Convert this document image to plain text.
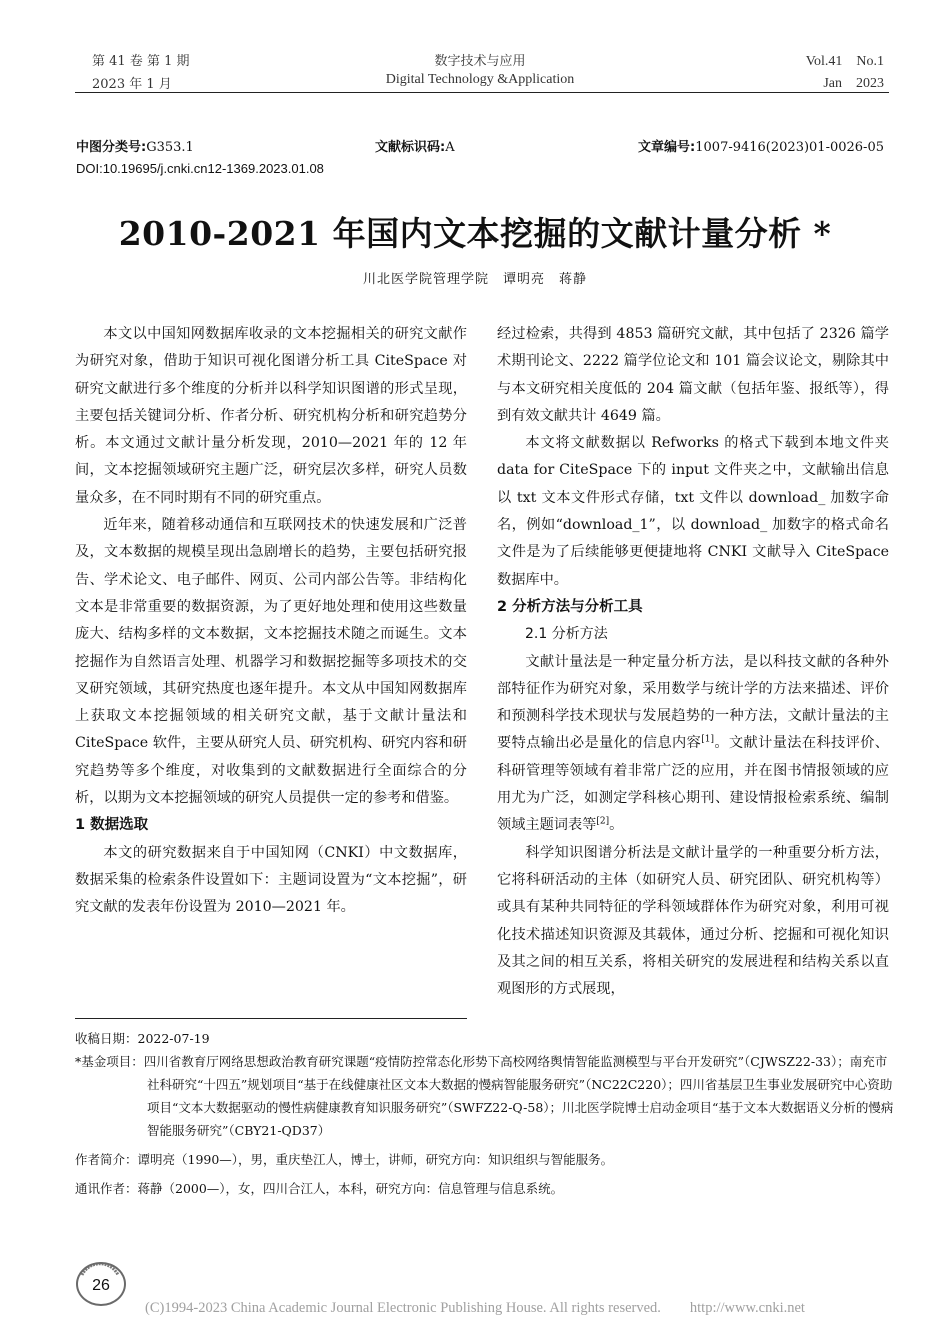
第 41 卷 第 1 期
2023 年 1 月
数字技术与应用
Digital Technology &Application
Vol.41　No.1
Jan　2023
中图分类号:G353.1	文献标识码:A	文章编号:1007-9416(2023)01-0026-05
DOI:10.19695/j.cnki.cn12-1369.2023.01.08
2010-2021 年国内文本挖掘的文献计量分析 *
川北医学院管理学院　谭明亮　蒋静

本文以中国知网数据库收录的文本挖掘相关的研究文献作为研究对象，借助于知识可视化图谱分析工具 CiteSpace 对研究文献进行多个维度的分析并以科学知识图谱的形式呈现，主要包括关键词分析、作者分析、研究机构分析和研究趋势分析。本文通过文献计量分析发现，2010—2021 年的 12 年间，文本挖掘领域研究主题广泛，研究层次多样，研究人员数量众多，在不同时期有不同的研究重点。

近年来，随着移动通信和互联网技术的快速发展和广泛普及，文本数据的规模呈现出急剧增长的趋势，主要包括研究报告、学术论文、电子邮件、网页、公司内部公告等。非结构化文本是非常重要的数据资源，为了更好地处理和使用这些数量庞大、结构多样的文本数据，文本挖掘技术随之而诞生。文本挖掘作为自然语言处理、机器学习和数据挖掘等多项技术的交叉研究领域，其研究热度也逐年提升。本文从中国知网数据库上获取文本挖掘领域的相关研究文献，基于文献计量法和 CiteSpace 软件，主要从研究人员、研究机构、研究内容和研究趋势等多个维度，对收集到的文献数据进行全面综合的分析，以期为文本挖掘领域的研究人员提供一定的参考和借鉴。

1 数据选取

本文的研究数据来自于中国知网（CNKI）中文数据库，数据采集的检索条件设置如下：主题词设置为“文本挖掘”，研究文献的发表年份设置为 2010—2021 年。

经过检索，共得到 4853 篇研究文献，其中包括了 2326 篇学术期刊论文、2222 篇学位论文和 101 篇会议论文，剔除其中与本文研究相关度低的 204 篇文献（包括年鉴、报纸等），得到有效文献共计 4649 篇。

本文将文献数据以 Refworks 的格式下载到本地文件夹 data for CiteSpace 下的 input 文件夹之中，文献输出信息以 txt 文本文件形式存储，txt 文件以 download_ 加数字命名，例如“download_1”，以 download_ 加数字的格式命名文件是为了后续能够更便捷地将 CNKI 文献导入 CiteSpace 数据库中。

2 分析方法与分析工具
2.1 分析方法

文献计量法是一种定量分析方法，是以科技文献的各种外部特征作为研究对象，采用数学与统计学的方法来描述、评价和预测科学技术现状与发展趋势的一种方法，文献计量法的主要特点输出必是量化的信息内容[1]。文献计量法在科技评价、科研管理等领域有着非常广泛的应用，并在图书情报领域的应用尤为广泛，如测定学科核心期刊、建设情报检索系统、编制领域主题词表等[2]。

科学知识图谱分析法是文献计量学的一种重要分析方法，它将科研活动的主体（如研究人员、研究团队、研究机构等）或具有某种共同特征的学科领域群体作为研究对象，利用可视化技术描述知识资源及其载体，通过分析、挖掘和可视化知识及其之间的相互关系，将相关研究的发展进程和结构关系以直观图形的方式展现，

收稿日期：2022-07-19

*基金项目：四川省教育厅网络思想政治教育研究课题“疫情防控常态化形势下高校网络舆情智能监测模型与平台开发研究”（CJWSZ22-33）；南充市社科研究“十四五”规划项目“基于在线健康社区文本大数据的慢病智能服务研究”（NC22C220）；四川省基层卫生事业发展研究中心资助项目“文本大数据驱动的慢性病健康教育知识服务研究”（SWFZ22-Q-58）；川北医学院博士启动金项目“基于文本大数据语义分析的慢病智能服务研究”（CBY21-QD37）

作者简介：谭明亮（1990—），男，重庆垫江人，博士，讲师，研究方向：知识组织与智能服务。

通讯作者：蒋静（2000—），女，四川合江人，本科，研究方向：信息管理与信息系统。

26
(C)1994-2023 China Academic Journal Electronic Publishing House. All rights reserved.　　http://www.cnki.net
